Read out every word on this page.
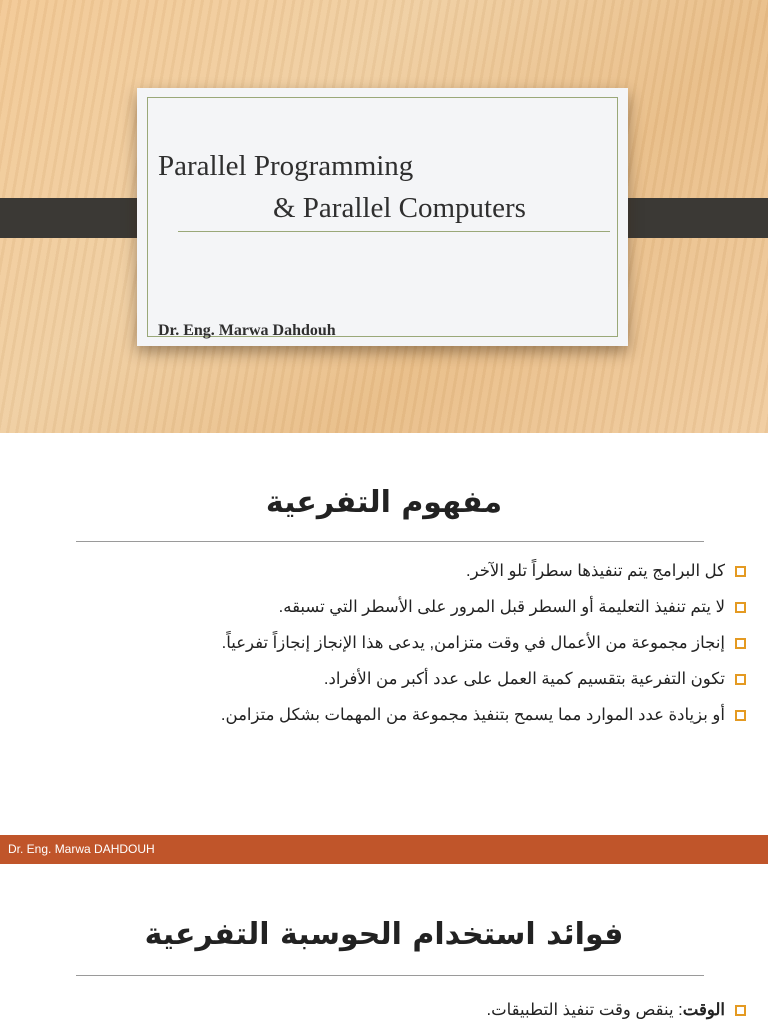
Parallel Programming
& Parallel Computers
Dr. Eng. Marwa Dahdouh
مفهوم التفرعية
كل البرامج يتم تنفيذها سطراً تلو الآخر.
لا يتم تنفيذ التعليمة أو السطر قبل المرور على الأسطر التي تسبقه.
إنجاز مجموعة من الأعمال في وقت متزامن, يدعى هذا الإنجاز إنجازاً تفرعياً.
تكون التفرعية بتقسيم كمية العمل على عدد أكبر من الأفراد.
أو بزيادة عدد الموارد مما يسمح بتنفيذ مجموعة من المهمات بشكل متزامن.
Dr. Eng. Marwa DAHDOUH
فوائد استخدام الحوسبة التفرعية
الوقت
: ينقص وقت تنفيذ التطبيقات.
